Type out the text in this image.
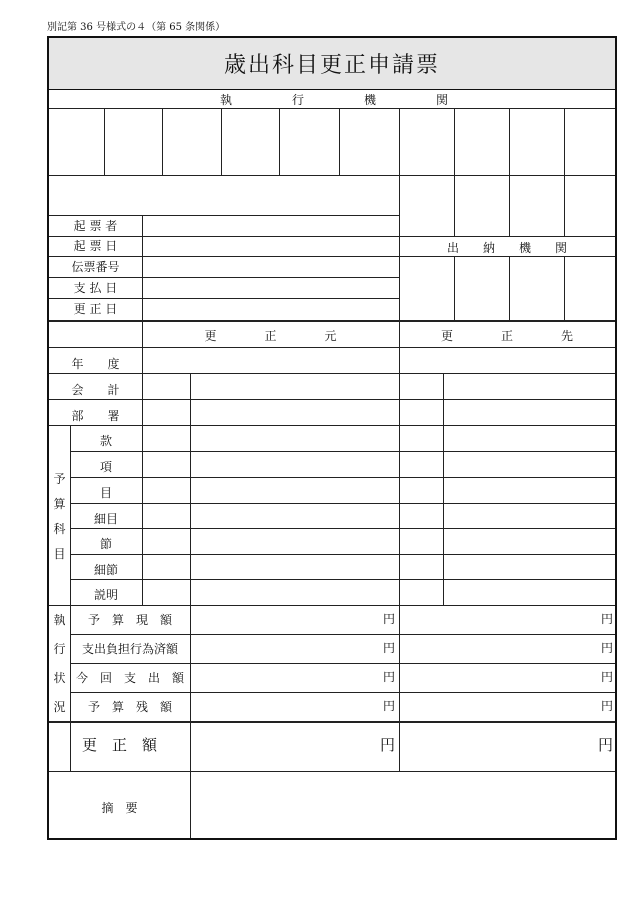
別記第 36 号様式の４（第 65 条関係）
歳出科目更正申請票
執　　　　　行　　　　　機　　　　　関
出　　納　　機　　関
起 票 者
起 票 日
伝票番号
支 払 日
更 正 日
更　　　　正　　　　元	更　　　　正　　　　先
年　　度
会　　計
部　　署
予
算
科
目
款
項
目
細目
節
細節
説明
執
行
状
況
予　算　現　額	円	円
支出負担行為済額	円	円
今　回　支　出　額	円	円
予　算　残　額	円	円
更　正　額	円	円
摘　要
